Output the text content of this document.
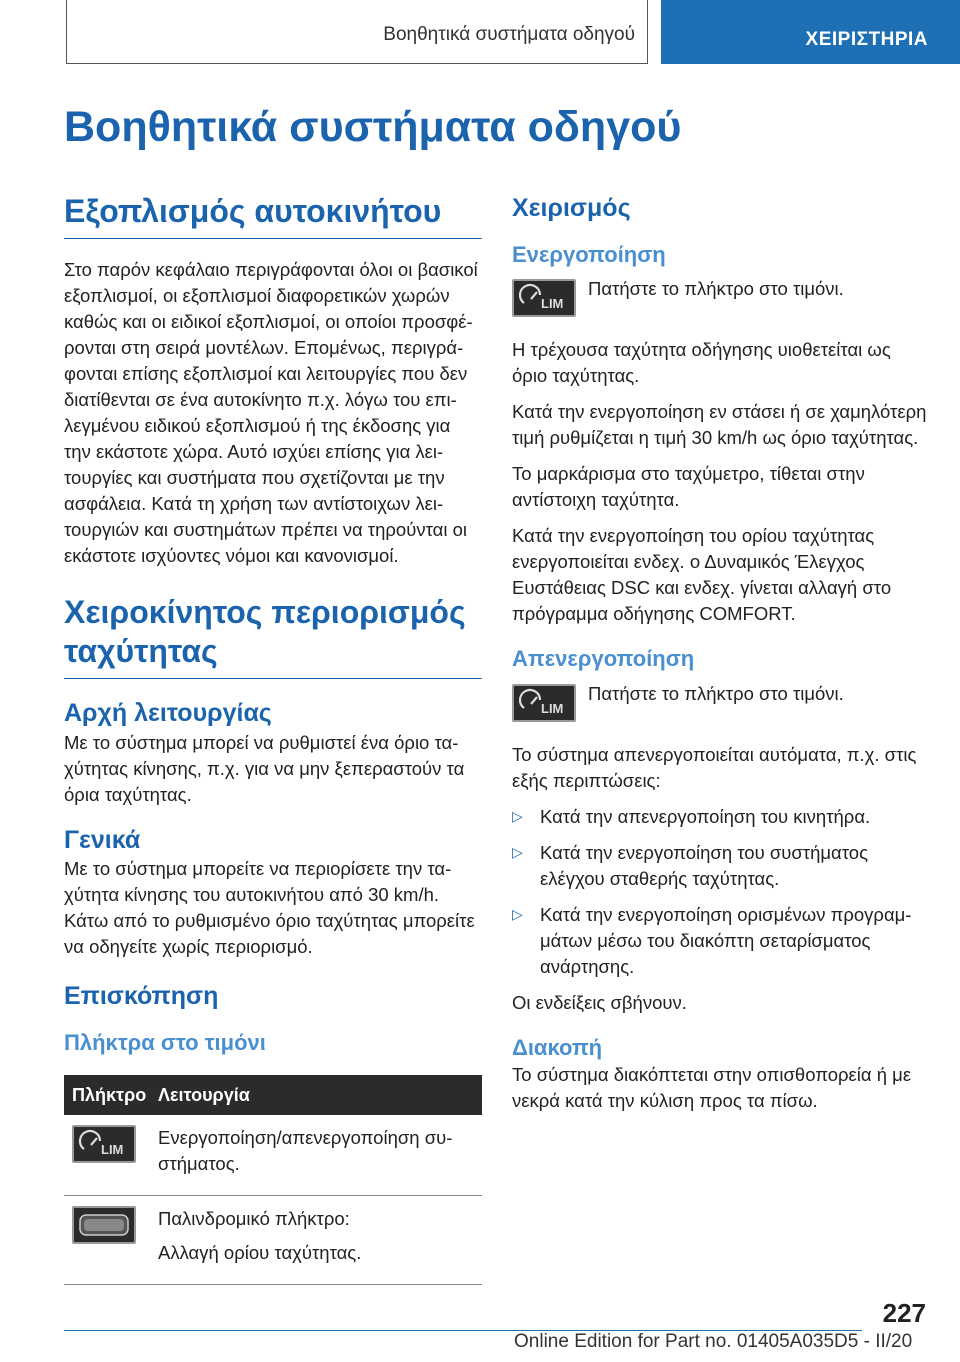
Βοηθητικά συστήματα οδηγού	ΧΕΙΡΙΣΤΗΡΙΑ
Βοηθητικά συστήματα οδηγού
Εξοπλισμός αυτοκινήτου

Στο παρόν κεφάλαιο περιγράφονται όλοι οι βασικοί εξοπλισμοί, οι εξοπλισμοί διαφορετικών χωρών καθώς και οι ειδικοί εξοπλισμοί, οι οποίοι προσφέρονται στη σειρά μοντέλων. Επομένως, περιγράφονται επίσης εξοπλισμοί και λειτουργίες που δεν διατίθενται σε ένα αυτοκίνητο π.χ. λόγω του επιλεγμένου ειδικού εξοπλισμού ή της έκδοσης για την εκάστοτε χώρα. Αυτό ισχύει επίσης για λειτουργίες και συστήματα που σχετίζονται με την ασφάλεια. Κατά τη χρήση των αντίστοιχων λειτουργιών και συστημάτων πρέπει να τηρούνται οι εκάστοτε ισχύοντες νόμοι και κανονισμοί.

Χειροκίνητος περιορισμός ταχύτητας
Αρχή λειτουργίας

Με το σύστημα μπορεί να ρυθμιστεί ένα όριο ταχύτητας κίνησης, π.χ. για να μην ξεπεραστούν τα όρια ταχύτητας.

Γενικά

Με το σύστημα μπορείτε να περιορίσετε την ταχύτητα κίνησης του αυτοκινήτου από 30 km/h. Κάτω από το ρυθμισμένο όριο ταχύτητας μπορείτε να οδηγείτε χωρίς περιορισμό.

Επισκόπηση
Πλήκτρα στο τιμόνι
Πλήκτρο	Λειτουργία

LIM	Ενεργοποίηση/απενεργοποίηση συστήματος.

Παλινδρομικό πλήκτρο:

Αλλαγή ορίου ταχύτητας.

Χειρισμός
Ενεργοποίηση
LIM
Πατήστε το πλήκτρο στο τιμόνι.

Η τρέχουσα ταχύτητα οδήγησης υιοθετείται ως όριο ταχύτητας.

Κατά την ενεργοποίηση εν στάσει ή σε χαμηλότερη τιμή ρυθμίζεται η τιμή 30 km/h ως όριο ταχύτητας.

Το μαρκάρισμα στο ταχύμετρο, τίθεται στην αντίστοιχη ταχύτητα.

Κατά την ενεργοποίηση του ορίου ταχύτητας ενεργοποιείται ενδεχ. ο Δυναμικός Έλεγχος Ευστάθειας DSC και ενδεχ. γίνεται αλλαγή στο πρόγραμμα οδήγησης COMFORT.

Απενεργοποίηση
LIM
Πατήστε το πλήκτρο στο τιμόνι.

Το σύστημα απενεργοποιείται αυτόματα, π.χ. στις εξής περιπτώσεις:

▷ Κατά την απενεργοποίηση του κινητήρα.
▷ Κατά την ενεργοποίηση του συστήματος ελέγχου σταθερής ταχύτητας.
▷ Κατά την ενεργοποίηση ορισμένων προγραμμάτων μέσω του διακόπτη σεταρίσματος ανάρτησης.

Οι ενδείξεις σβήνουν.

Διακοπή

Το σύστημα διακόπτεται στην οπισθοπορεία ή με νεκρά κατά την κύλιση προς τα πίσω.

227
Online Edition for Part no. 01405A035D5 - II/20
